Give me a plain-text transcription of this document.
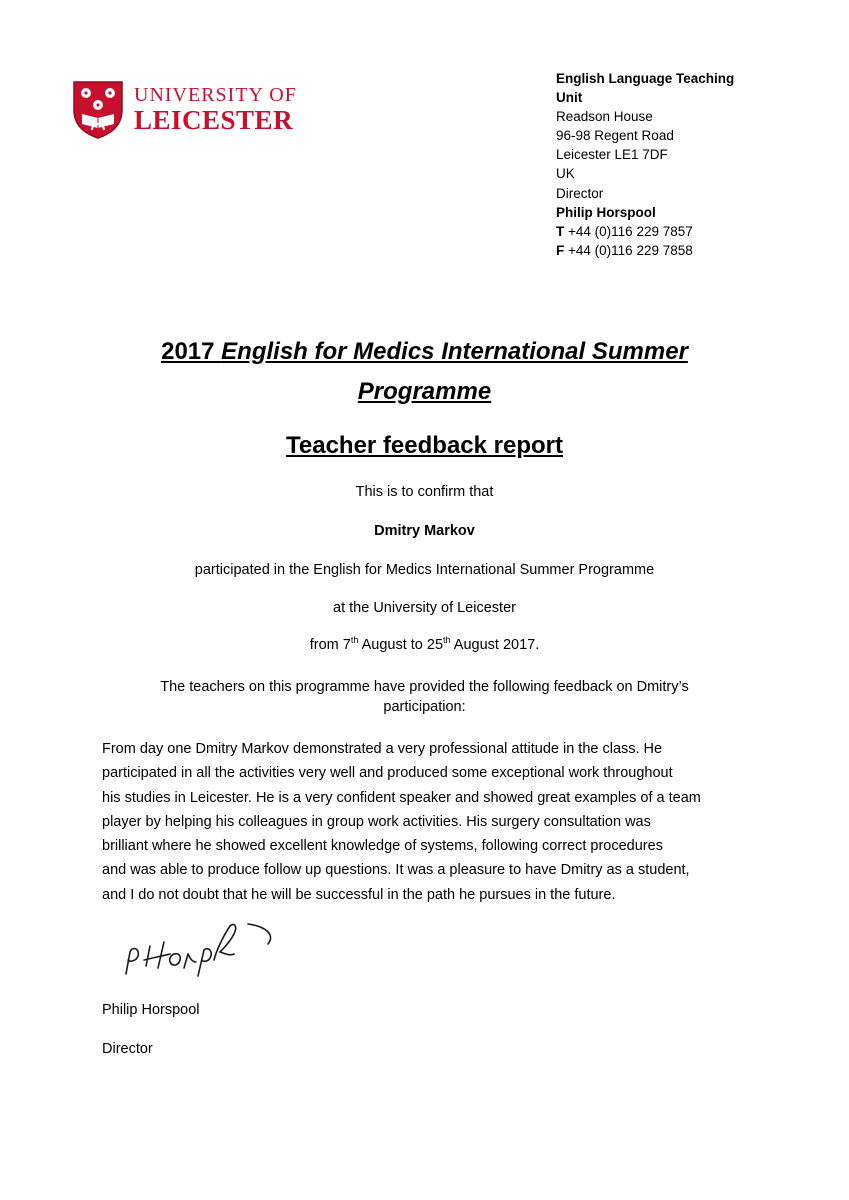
UNIVERSITY OF
LEICESTER
English Language Teaching
Unit
Readson House
96-98 Regent Road
Leicester LE1 7DF
UK
Director
Philip Horspool
T +44 (0)116 229 7857
F +44 (0)116 229 7858
2017 English for Medics International Summer
Programme
Teacher feedback report
This is to confirm that
Dmitry Markov
participated in the English for Medics International Summer Programme
at the University of Leicester
from 7th August to 25th August 2017.
The teachers on this programme have provided the following feedback on Dmitry’s
participation:
From day one Dmitry Markov demonstrated a very professional attitude in the class. He
participated in all the activities very well and produced some exceptional work throughout
his studies in Leicester. He is a very confident speaker and showed great examples of a team
player by helping his colleagues in group work activities. His surgery consultation was
brilliant where he showed excellent knowledge of systems, following correct procedures
and was able to produce follow up questions. It was a pleasure to have Dmitry as a student,
and I do not doubt that he will be successful in the path he pursues in the future.
Philip Horspool
Director
